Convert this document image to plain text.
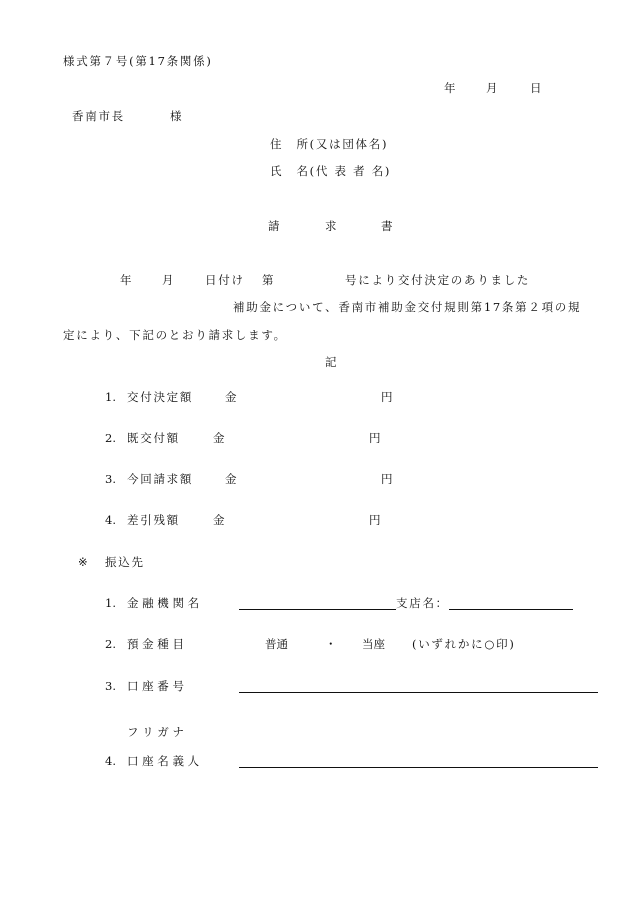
様式第７号(第17条関係)
年	月	日
香南市長	様
住　所(又は団体名)
氏　名(代 表 者 名)
請	求	書
年	月	日付け 第	号により交付決定のありました
補助金について、香南市補助金交付規則第17条第２項の規
定により、下記のとおり請求します。
記
1. 交付決定額	金	円
2. 既交付額	金	円
3. 今回請求額	金	円
4. 差引残額	金	円
※ 振込先
1. 金 融 機 関 名	支店名：
2. 預 金 種 目	普通	・ 当座 (いずれかに○印)
3. 口 座 番 号
フ リ ガ ナ
4. 口 座 名 義 人
